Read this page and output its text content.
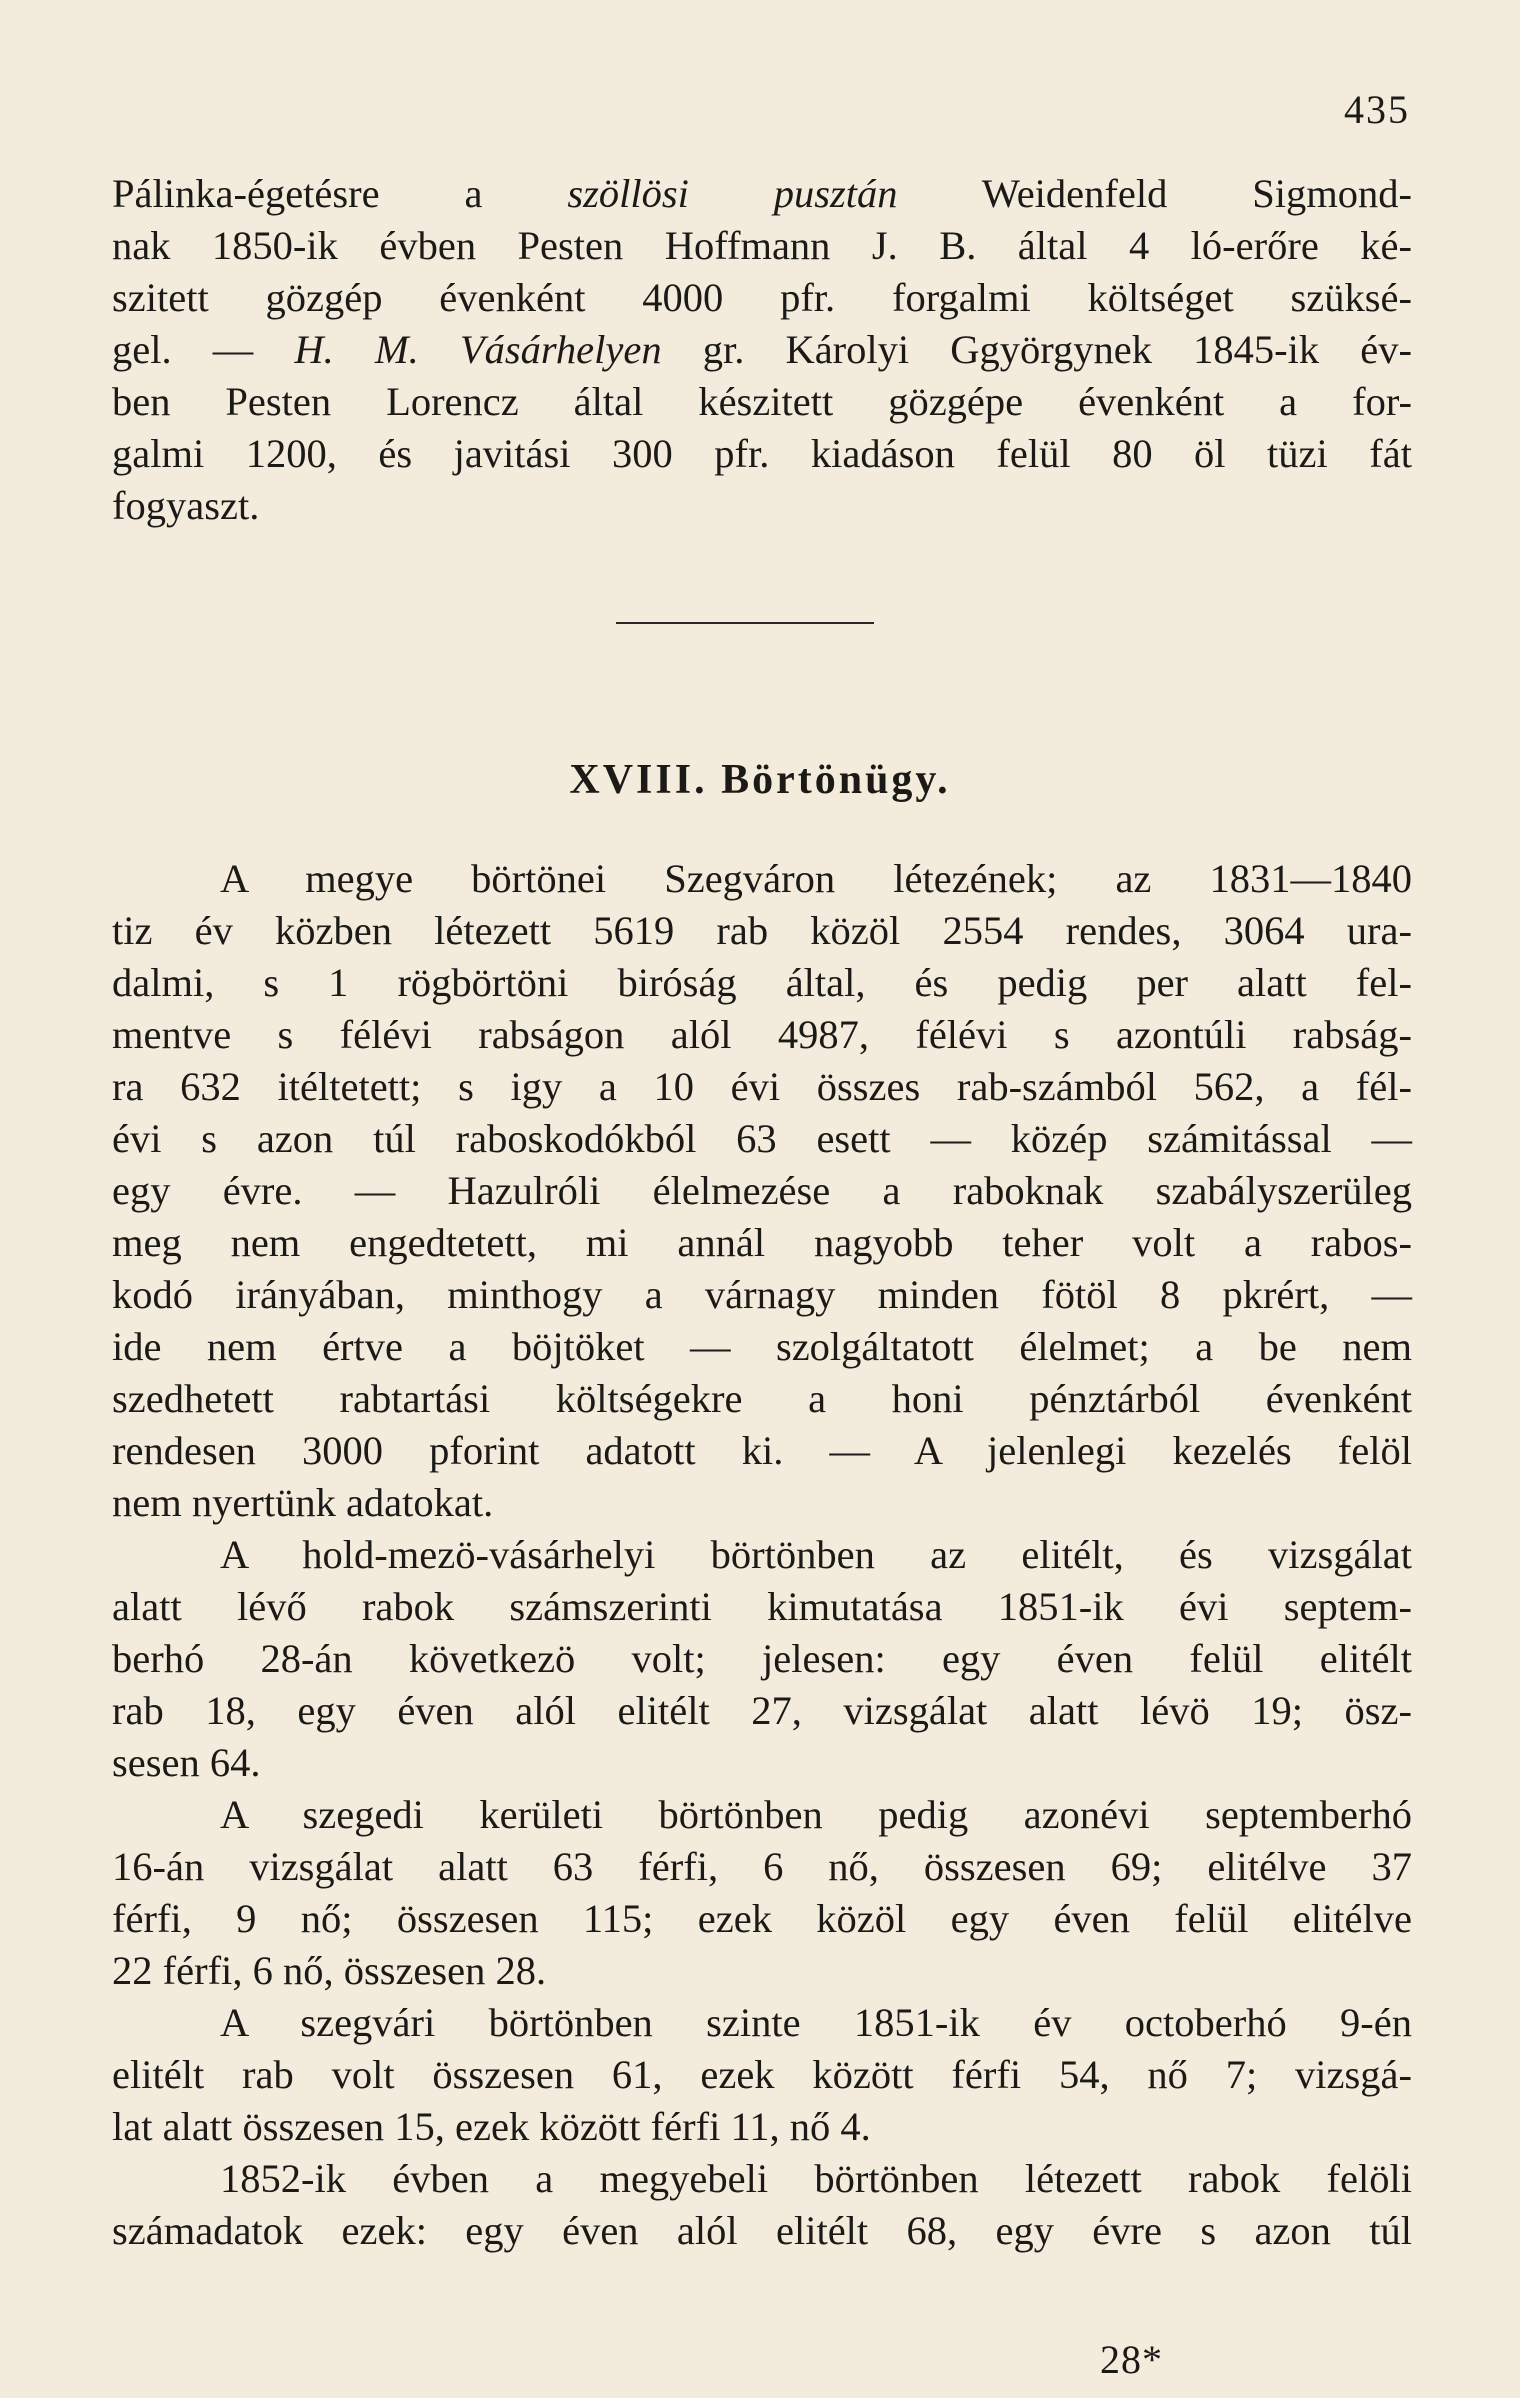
435
Pálinka-égetésre a szöllösi pusztán Weidenfeld Sigmond-
nak 1850-ik évben Pesten Hoffmann J. B. által 4 ló-erőre ké-
szitett gözgép évenként 4000 pfr. forgalmi költséget szüksé-
gel. — H. M. Vásárhelyen gr. Károlyi Ggyörgynek 1845-ik év-
ben Pesten Lorencz által készitett gözgépe évenként a for-
galmi 1200, és javitási 300 pfr. kiadáson felül 80 öl tüzi fát
fogyaszt.
XVIII. Börtönügy.
A megye börtönei Szegváron létezének; az 1831—1840
tiz év közben létezett 5619 rab közöl 2554 rendes, 3064 ura-
dalmi, s 1 rögbörtöni biróság által, és pedig per alatt fel-
mentve s félévi rabságon alól 4987, félévi s azontúli rabság-
ra 632 itéltetett; s igy a 10 évi összes rab-számból 562, a fél-
évi s azon túl raboskodókból 63 esett — közép számitással —
egy évre. — Hazulróli élelmezése a raboknak szabályszerüleg
meg nem engedtetett, mi annál nagyobb teher volt a rabos-
kodó irányában, minthogy a várnagy minden fötöl 8 pkrért, —
ide nem értve a böjtöket — szolgáltatott élelmet; a be nem
szedhetett rabtartási költségekre a honi pénztárból évenként
rendesen 3000 pforint adatott ki. — A jelenlegi kezelés felöl
nem nyertünk adatokat.
A hold-mezö-vásárhelyi börtönben az elitélt, és vizsgálat
alatt lévő rabok számszerinti kimutatása 1851-ik évi septem-
berhó 28-án következö volt; jelesen: egy éven felül elitélt
rab 18, egy éven alól elitélt 27, vizsgálat alatt lévö 19; ösz-
sesen 64.
A szegedi kerületi börtönben pedig azonévi septemberhó
16-án vizsgálat alatt 63 férfi, 6 nő, összesen 69; elitélve 37
férfi, 9 nő; összesen 115; ezek közöl egy éven felül elitélve
22 férfi, 6 nő, összesen 28.
A szegvári börtönben szinte 1851-ik év octoberhó 9-én
elitélt rab volt összesen 61, ezek között férfi 54, nő 7; vizsgá-
lat alatt összesen 15, ezek között férfi 11, nő 4.
1852-ik évben a megyebeli börtönben létezett rabok felöli
számadatok ezek: egy éven alól elitélt 68, egy évre s azon túl
28*
